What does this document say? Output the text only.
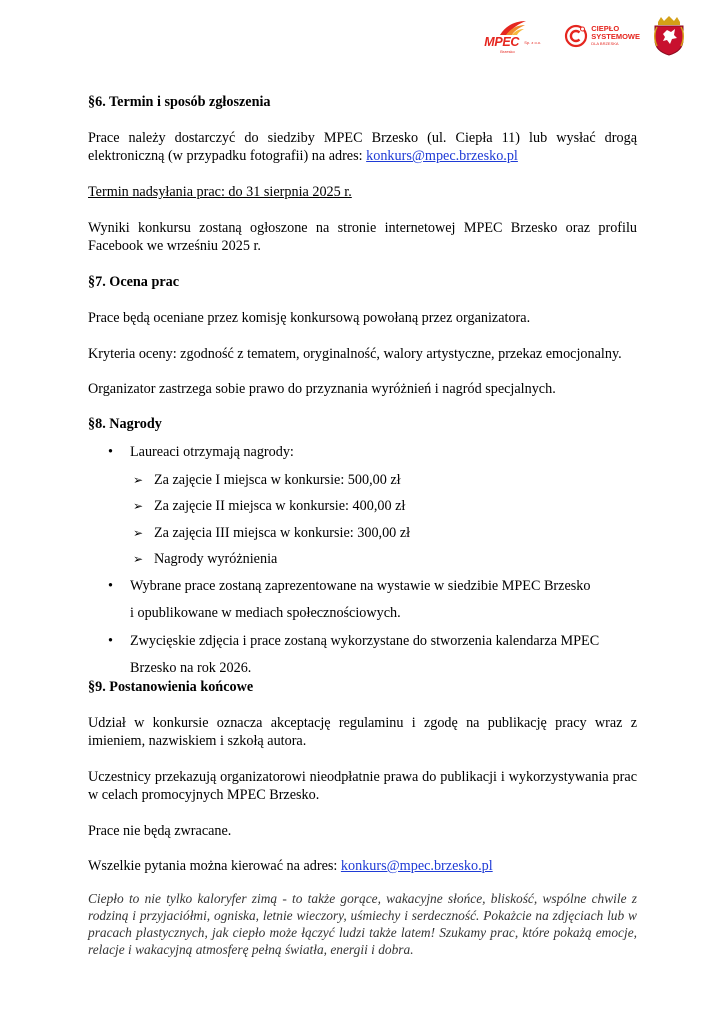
MPEC Sp. z o.o.
Brzesko
CIEPŁO
SYSTEMOWE
DLA BRZESKA
§6. Termin i sposób zgłoszenia

Prace należy dostarczyć do siedziby MPEC Brzesko (ul. Ciepła 11) lub wysłać drogą elektroniczną (w przypadku fotografii) na adres: konkurs@mpec.brzesko.pl

Termin nadsyłania prac: do 31 sierpnia 2025 r.

Wyniki konkursu zostaną ogłoszone na stronie internetowej MPEC Brzesko oraz profilu Facebook we wrześniu 2025 r.

§7. Ocena prac

Prace będą oceniane przez komisję konkursową powołaną przez organizatora.

Kryteria oceny: zgodność z tematem, oryginalność, walory artystyczne, przekaz emocjonalny.

Organizator zastrzega sobie prawo do przyznania wyróżnień i nagród specjalnych.

§8. Nagrody
• Laureaci otrzymają nagrody:
➢ Za zajęcie I miejsca w konkursie: 500,00 zł
➢ Za zajęcie II miejsca w konkursie: 400,00 zł
➢ Za zajęcia III miejsca w konkursie: 300,00 zł
➢ Nagrody wyróżnienia
• Wybrane prace zostaną zaprezentowane na wystawie w siedzibie MPEC Brzesko
i opublikowane w mediach społecznościowych.
• Zwycięskie zdjęcia i prace zostaną wykorzystane do stworzenia kalendarza MPEC
Brzesko na rok 2026.
§9. Postanowienia końcowe

Udział w konkursie oznacza akceptację regulaminu i zgodę na publikację pracy wraz z imieniem, nazwiskiem i szkołą autora.

Uczestnicy przekazują organizatorowi nieodpłatnie prawa do publikacji i wykorzystywania prac w celach promocyjnych MPEC Brzesko.

Prace nie będą zwracane.

Wszelkie pytania można kierować na adres: konkurs@mpec.brzesko.pl

Ciepło to nie tylko kaloryfer zimą - to także gorące, wakacyjne słońce, bliskość, wspólne chwile z rodziną i przyjaciółmi, ogniska, letnie wieczory, uśmiechy i serdeczność. Pokażcie na zdjęciach lub w pracach plastycznych, jak ciepło może łączyć ludzi także latem! Szukamy prac, które pokażą emocje, relacje i wakacyjną atmosferę pełną światła, energii i dobra.
